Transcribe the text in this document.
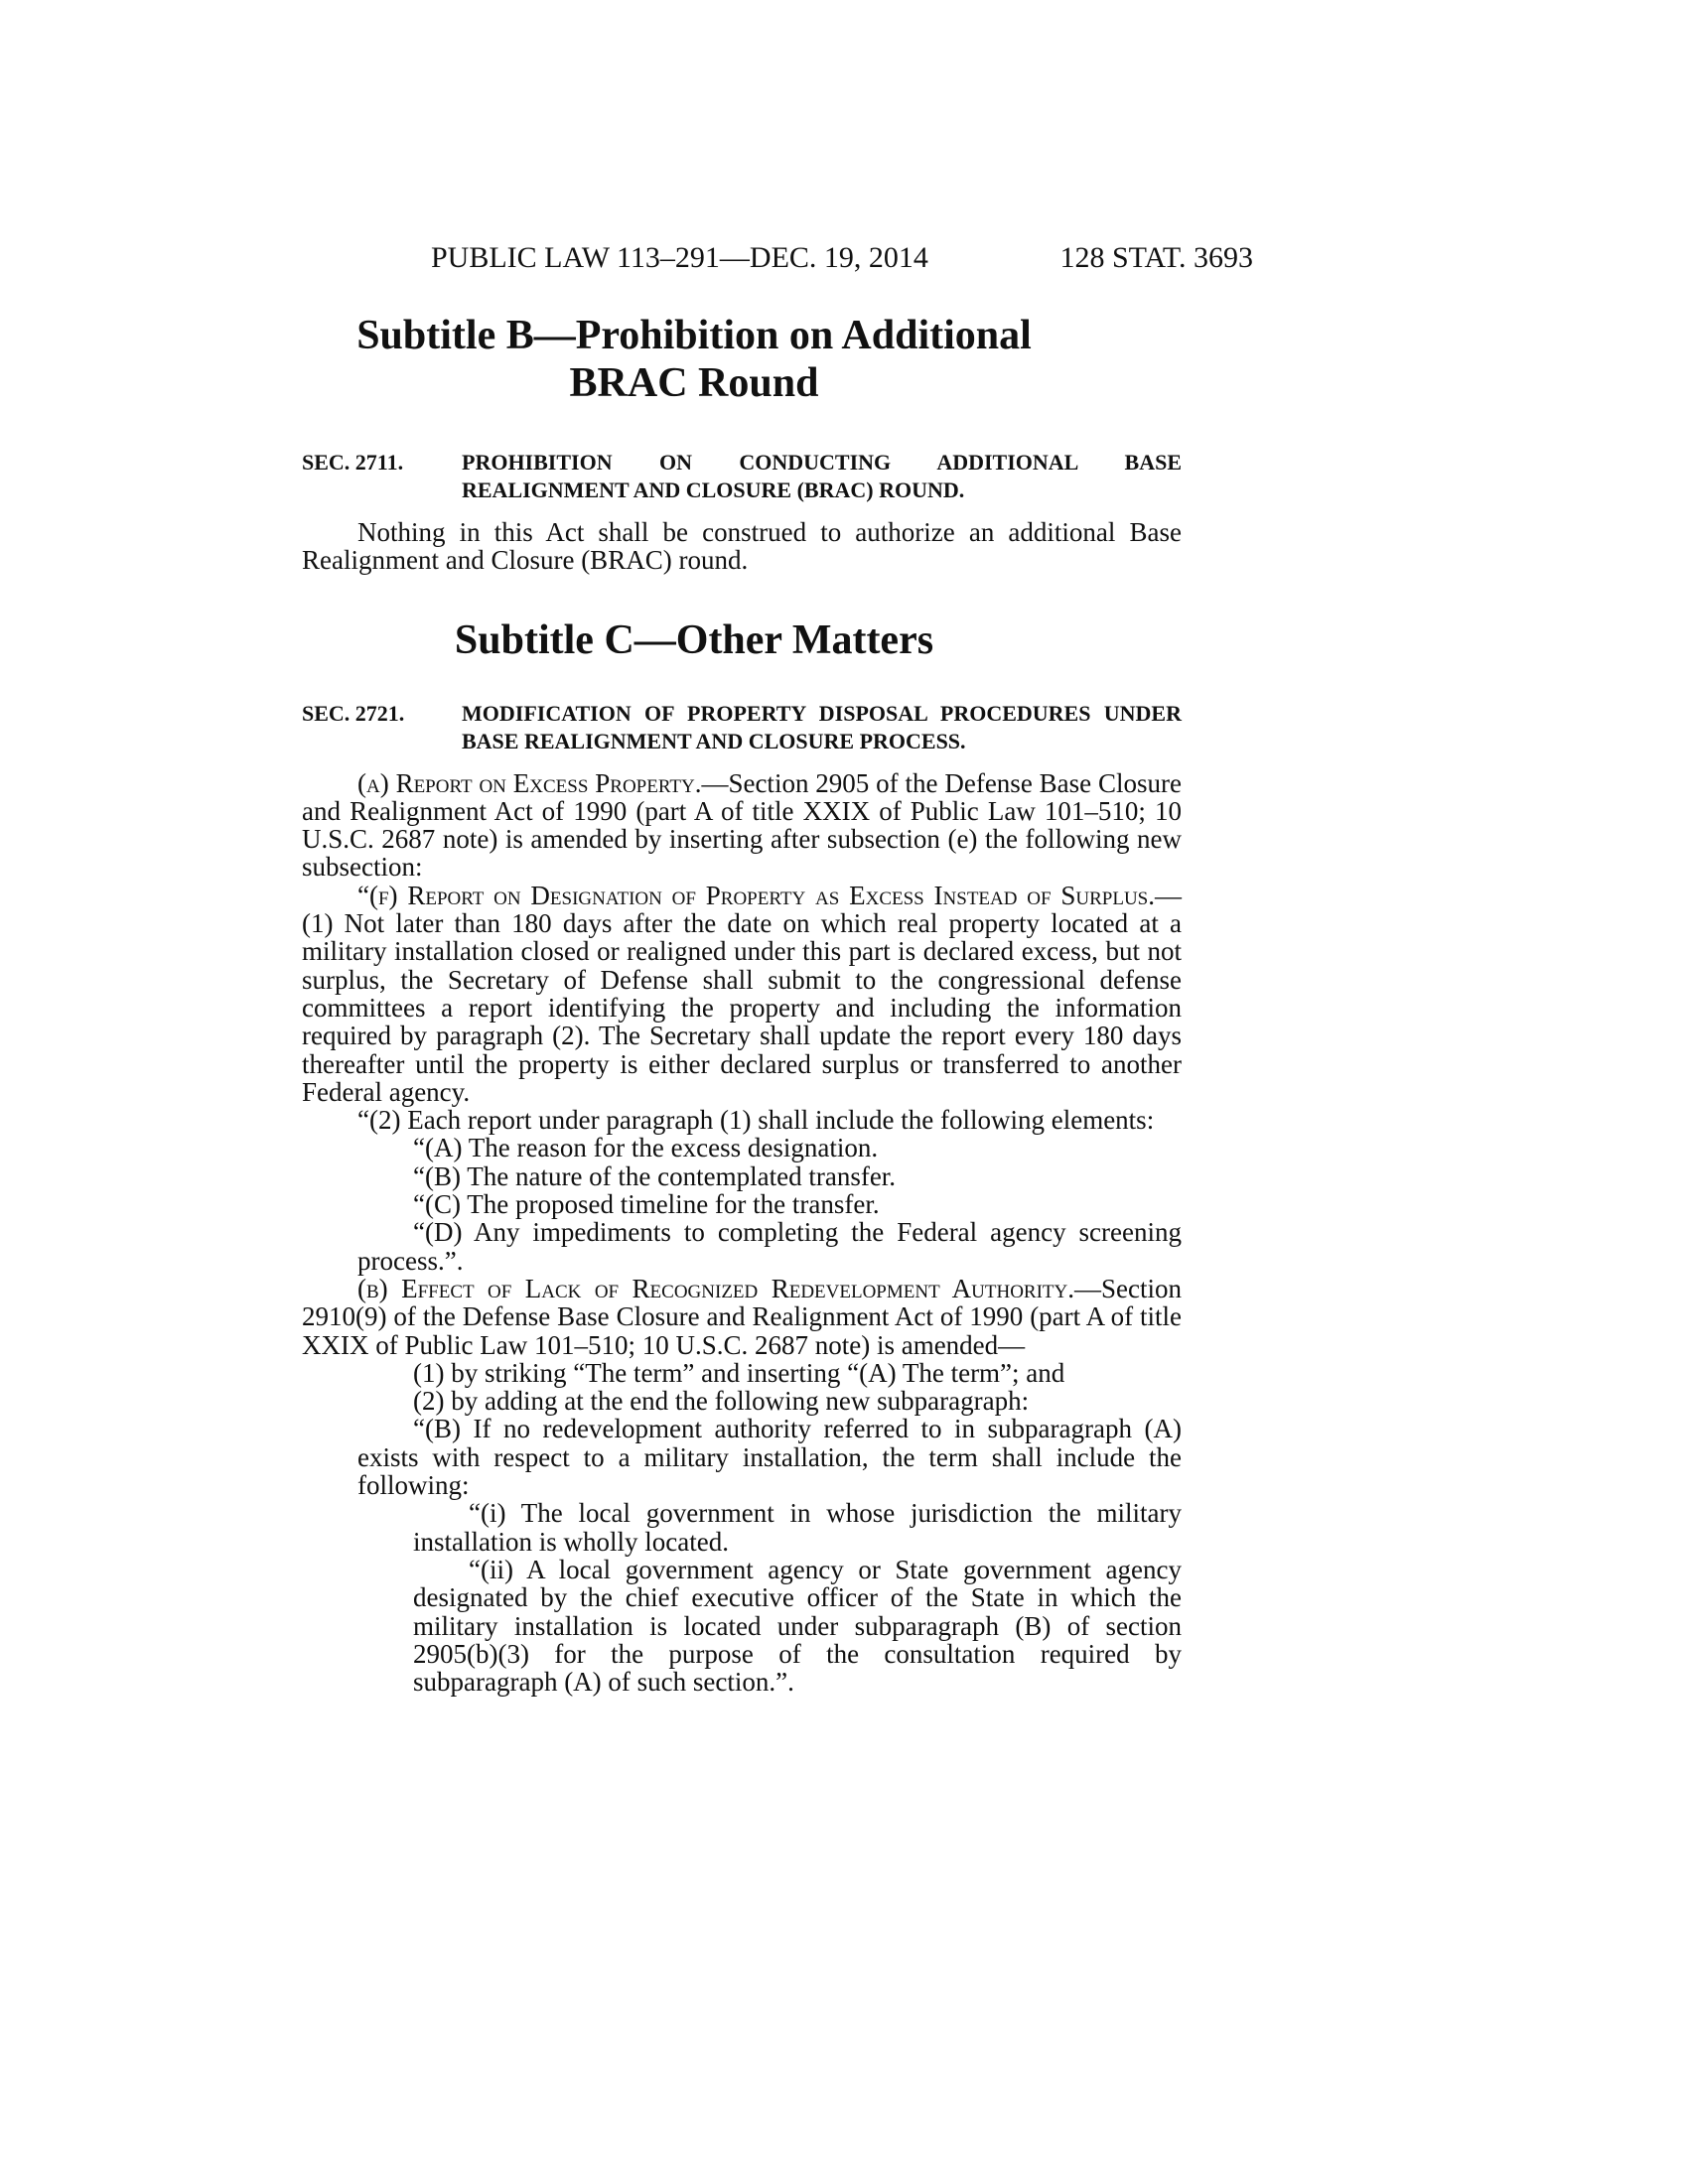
PUBLIC LAW 113–291—DEC. 19, 2014	128 STAT. 3693
Subtitle B—Prohibition on Additional
BRAC Round
SEC. 2711.	PROHIBITION ON CONDUCTING ADDITIONAL BASE REALIGNMENT AND CLOSURE (BRAC) ROUND.

Nothing in this Act shall be construed to authorize an additional Base Realignment and Closure (BRAC) round.

Subtitle C—Other Matters
SEC. 2721.	MODIFICATION OF PROPERTY DISPOSAL PROCEDURES UNDER BASE REALIGNMENT AND CLOSURE PROCESS.

(a) Report on Excess Property.—Section 2905 of the Defense Base Closure and Realignment Act of 1990 (part A of title XXIX of Public Law 101–510; 10 U.S.C. 2687 note) is amended by inserting after subsection (e) the following new subsection:

“(f) Report on Designation of Property as Excess Instead of Surplus.—(1) Not later than 180 days after the date on which real property located at a military installation closed or realigned under this part is declared excess, but not surplus, the Secretary of Defense shall submit to the congressional defense committees a report identifying the property and including the information required by paragraph (2). The Secretary shall update the report every 180 days thereafter until the property is either declared surplus or transferred to another Federal agency.

“(2) Each report under paragraph (1) shall include the following elements:

“(A) The reason for the excess designation.

“(B) The nature of the contemplated transfer.

“(C) The proposed timeline for the transfer.

“(D) Any impediments to completing the Federal agency screening process.”.

(b) Effect of Lack of Recognized Redevelopment Authority.—Section 2910(9) of the Defense Base Closure and Realignment Act of 1990 (part A of title XXIX of Public Law 101–510; 10 U.S.C. 2687 note) is amended—

(1) by striking “The term” and inserting “(A) The term”; and

(2) by adding at the end the following new subparagraph:

“(B) If no redevelopment authority referred to in subparagraph (A) exists with respect to a military installation, the term shall include the following:

“(i) The local government in whose jurisdiction the military installation is wholly located.

“(ii) A local government agency or State government agency designated by the chief executive officer of the State in which the military installation is located under subparagraph (B) of section 2905(b)(3) for the purpose of the consultation required by subparagraph (A) of such section.”.
